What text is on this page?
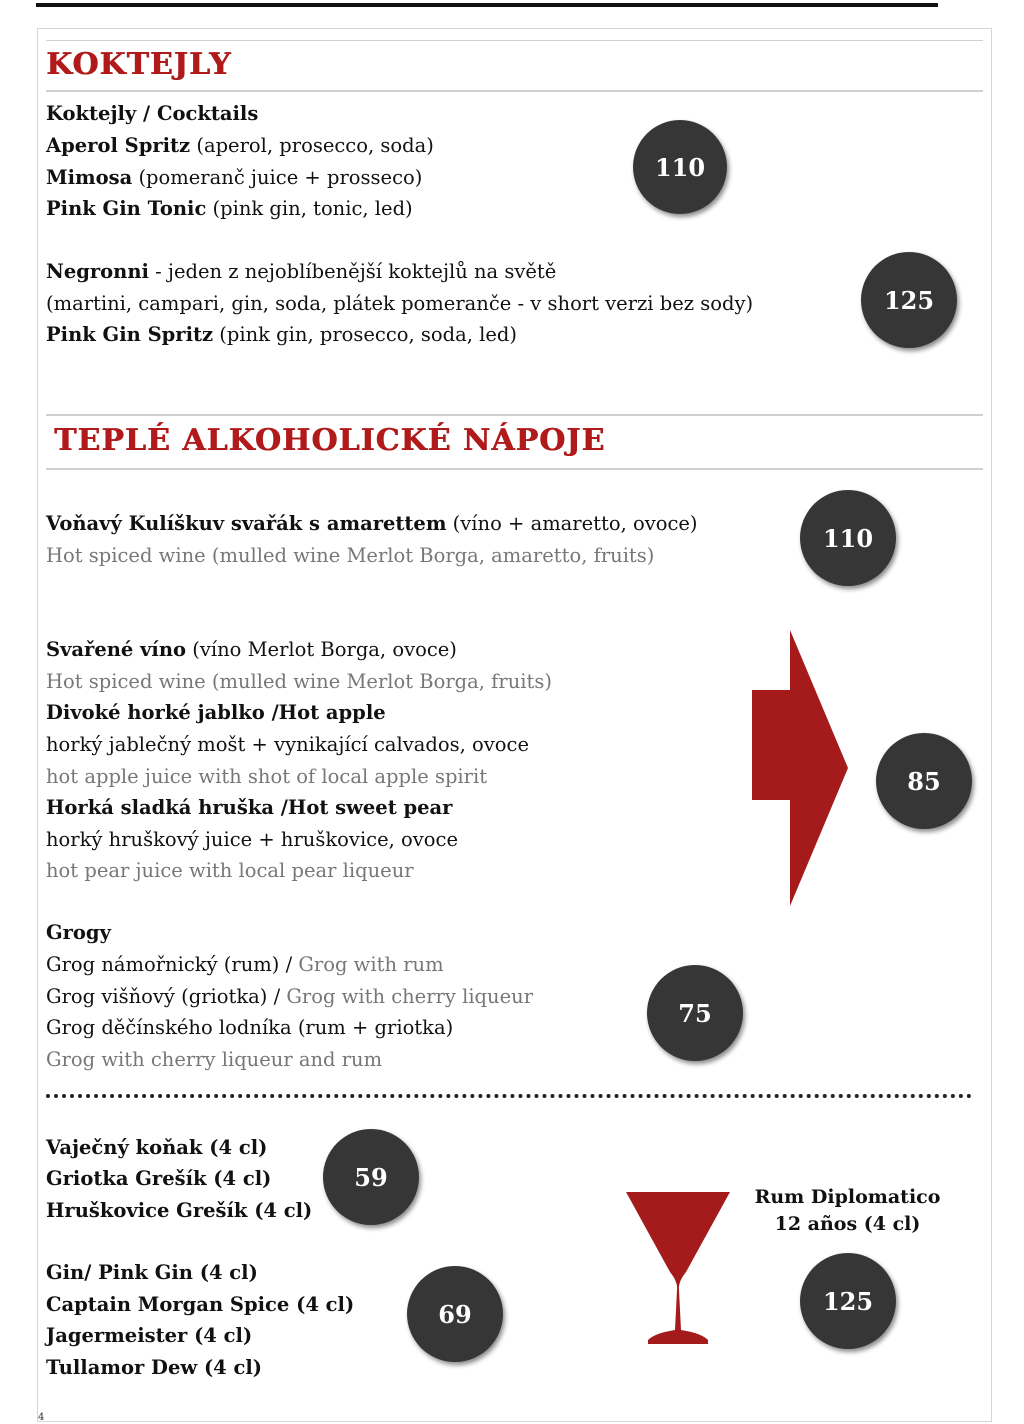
KOKTEJLY
Koktejly / Cocktails
Aperol Spritz (aperol, prosecco, soda)
Mimosa (pomeranč juice + prosseco)
Pink Gin Tonic (pink gin, tonic, led)
110
Negronni - jeden z nejoblíbenější koktejlů na světě
(martini, campari, gin, soda, plátek pomeranče - v short verzi bez sody)
Pink Gin Spritz (pink gin, prosecco, soda, led)
125
TEPLÉ ALKOHOLICKÉ NÁPOJE
Voňavý Kulíškuv svařák s amarettem (víno + amaretto, ovoce)
Hot spiced wine (mulled wine Merlot Borga, amaretto, fruits)
110
Svařené víno (víno Merlot Borga, ovoce)
Hot spiced wine (mulled wine Merlot Borga, fruits)
Divoké horké jablko /Hot apple
horký jablečný mošt + vynikající calvados, ovoce
hot apple juice with shot of local apple spirit
Horká sladká hruška /Hot sweet pear
horký hruškový juice + hruškovice, ovoce
hot pear juice with local pear liqueur
85
Grogy
Grog námořnický (rum) / Grog with rum
Grog višňový (griotka) / Grog with cherry liqueur
Grog děčínského lodníka (rum + griotka)
Grog with cherry liqueur and rum
75
Vaječný koňak (4 cl)
Griotka Grešík (4 cl)
Hruškovice Grešík (4 cl)
59
Gin/ Pink Gin (4 cl)
Captain Morgan Spice (4 cl)
Jagermeister (4 cl)
Tullamor Dew (4 cl)
69
Rum Diplomatico
12 años (4 cl)
125
4
